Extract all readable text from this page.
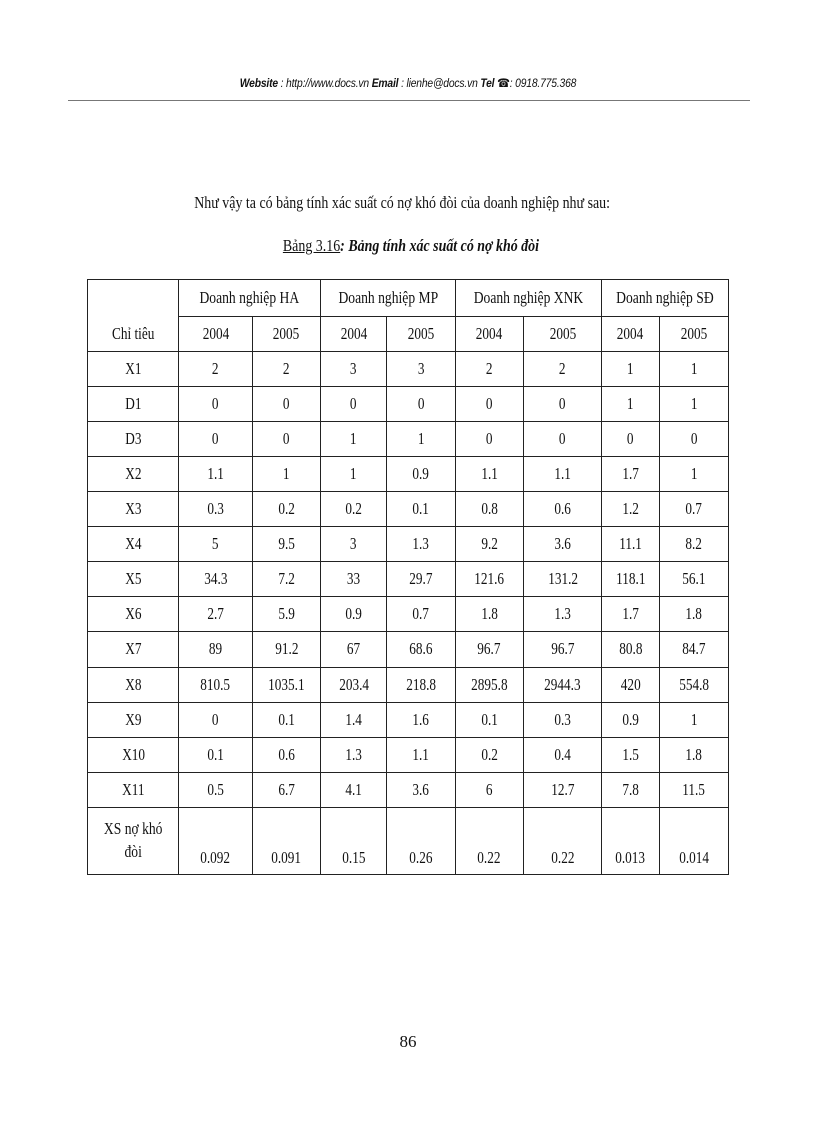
Website : http://www.docs.vn Email : lienhe@docs.vn Tel ☎: 0918.775.368
Như vậy ta có bảng tính xác suất có nợ khó đòi của doanh nghiệp như sau:
Bảng 3.16: Bảng tính xác suất có nợ khó đòi
	Doanh nghiệp HA		Doanh nghiệp MP		Doanh nghiệp XNK		Doanh nghiệp SĐ	
Chỉ tiêu	2004	2005	2004	2005	2004	2005	2004	2005
X1	2	2	3	3	2	2	1	1
D1	0	0	0	0	0	0	1	1
D3	0	0	1	1	0	0	0	0
X2	1.1	1	1	0.9	1.1	1.1	1.7	1
X3	0.3	0.2	0.2	0.1	0.8	0.6	1.2	0.7
X4	5	9.5	3	1.3	9.2	3.6	11.1	8.2
X5	34.3	7.2	33	29.7	121.6	131.2	118.1	56.1
X6	2.7	5.9	0.9	0.7	1.8	1.3	1.7	1.8
X7	89	91.2	67	68.6	96.7	96.7	80.8	84.7
X8	810.5	1035.1	203.4	218.8	2895.8	2944.3	420	554.8
X9	0	0.1	1.4	1.6	0.1	0.3	0.9	1
X10	0.1	0.6	1.3	1.1	0.2	0.4	1.5	1.8
X11	0.5	6.7	4.1	3.6	6	12.7	7.8	11.5

XS nợ khó đòi	0.092	0.091	0.15	0.26	0.22	0.22	0.013	0.014
86
